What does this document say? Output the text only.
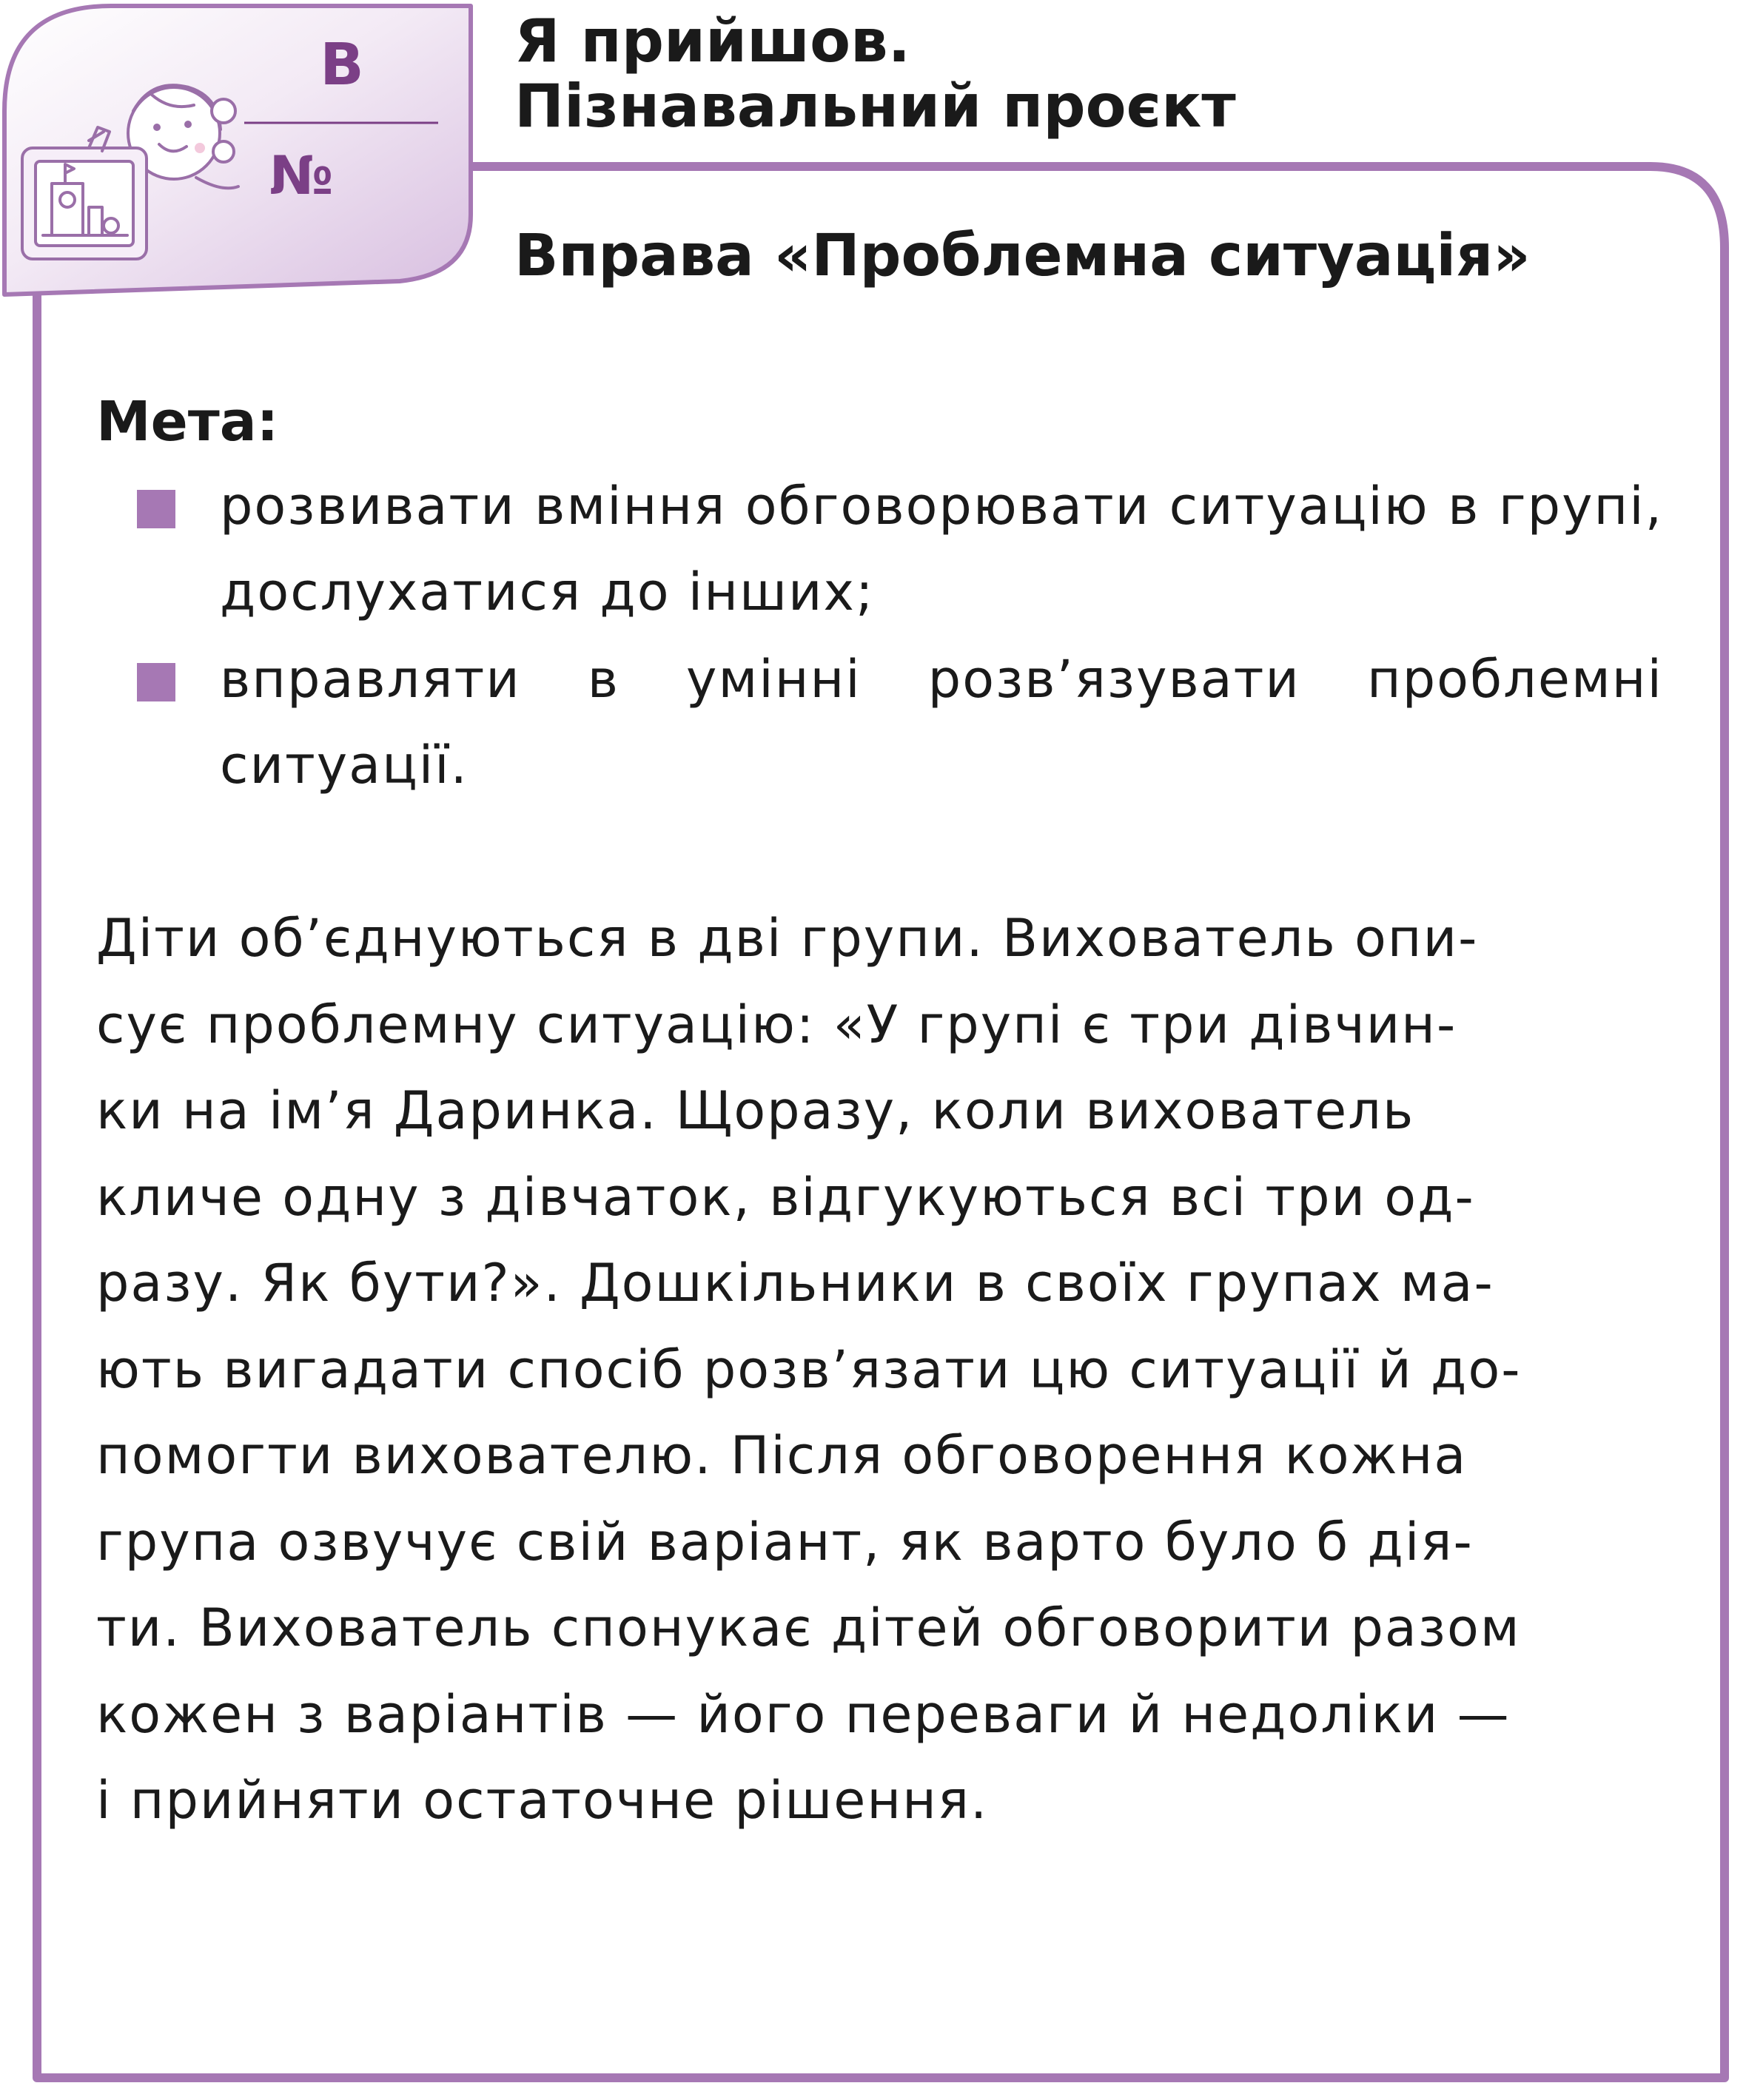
В
№
Я прийшов.
Пізнавальний проєкт
Вправа «Проблемна ситуація»
Мета:
розвивати вміння обговорювати ситуацію в групі, дослухатися до інших;
вправляти в умінні розв’язувати проблемні ситуації.
Діти об’єднуються в дві групи. Вихователь опи-
сує проблемну ситуацію: «У групі є три дівчин-
ки на ім’я Даринка. Щоразу, коли вихователь
кличе одну з дівчаток, відгукуються всі три од-
разу. Як бути?». Дошкільники в своїх групах ма-
ють вигадати спосіб розв’язати цю ситуації й до-
помогти вихователю. Після обговорення кожна
група озвучує свій варіант, як варто було б дія-
ти. Вихователь спонукає дітей обговорити разом
кожен з варіантів — його переваги й недоліки —
і прийняти остаточне рішення.
